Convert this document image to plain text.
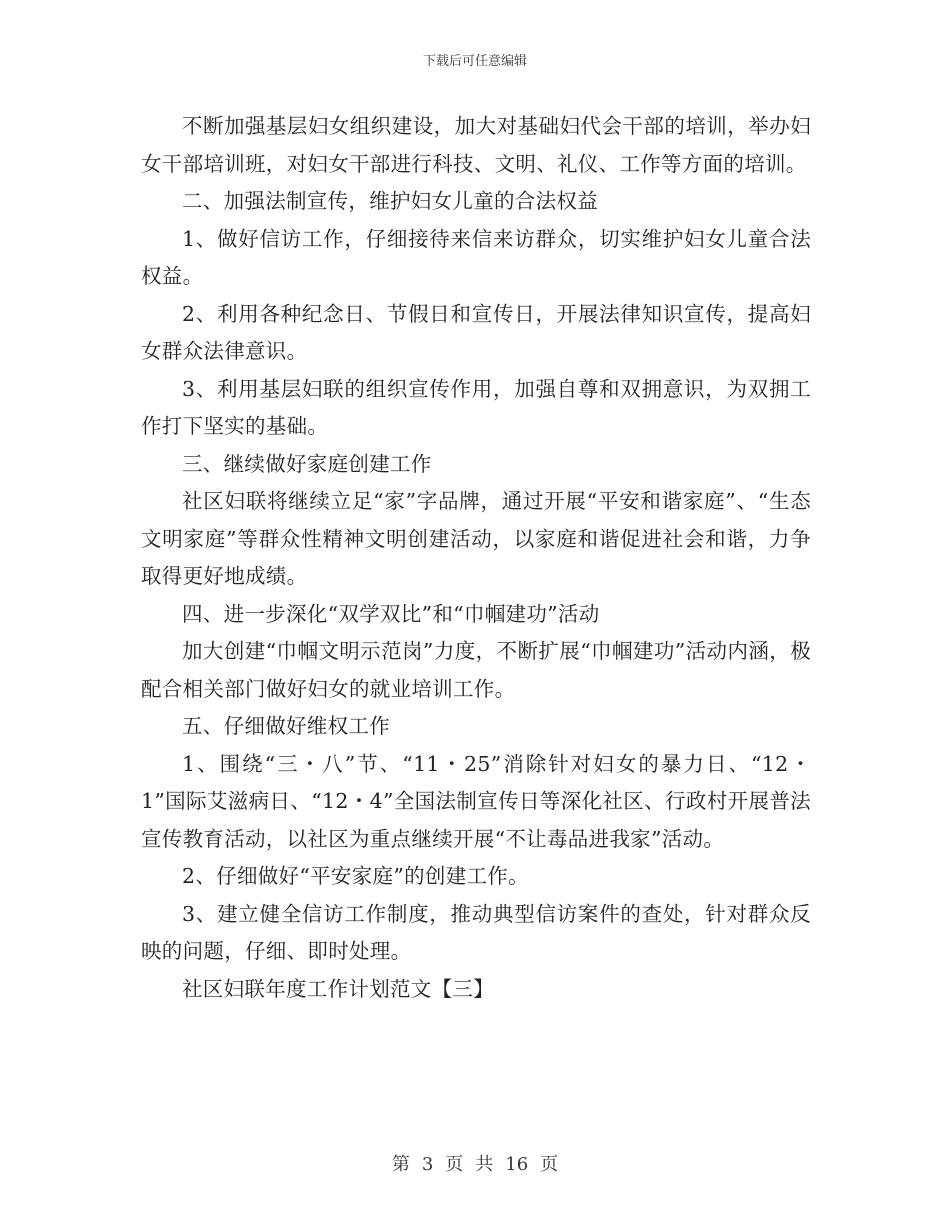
下载后可任意编辑

不断加强基层妇女组织建设，加大对基础妇代会干部的培训，举办妇女干部培训班，对妇女干部进行科技、文明、礼仪、工作等方面的培训。

二、加强法制宣传，维护妇女儿童的合法权益

1、做好信访工作，仔细接待来信来访群众，切实维护妇女儿童合法权益。

2、利用各种纪念日、节假日和宣传日，开展法律知识宣传，提高妇女群众法律意识。

3、利用基层妇联的组织宣传作用，加强自尊和双拥意识，为双拥工作打下坚实的基础。

三、继续做好家庭创建工作

社区妇联将继续立足“家”字品牌，通过开展“平安和谐家庭”、“生态文明家庭”等群众性精神文明创建活动，以家庭和谐促进社会和谐，力争取得更好地成绩。

四、进一步深化“双学双比”和“巾帼建功”活动

加大创建“巾帼文明示范岗”力度，不断扩展“巾帼建功”活动内涵，极配合相关部门做好妇女的就业培训工作。

五、仔细做好维权工作

1、围绕“三・八”节、“11・25”消除针对妇女的暴力日、“12・1”国际艾滋病日、“12・4”全国法制宣传日等深化社区、行政村开展普法宣传教育活动，以社区为重点继续开展“不让毒品进我家”活动。

2、仔细做好“平安家庭”的创建工作。

3、建立健全信访工作制度，推动典型信访案件的查处，针对群众反映的问题，仔细、即时处理。

社区妇联年度工作计划范文【三】

第 3 页 共 16 页
